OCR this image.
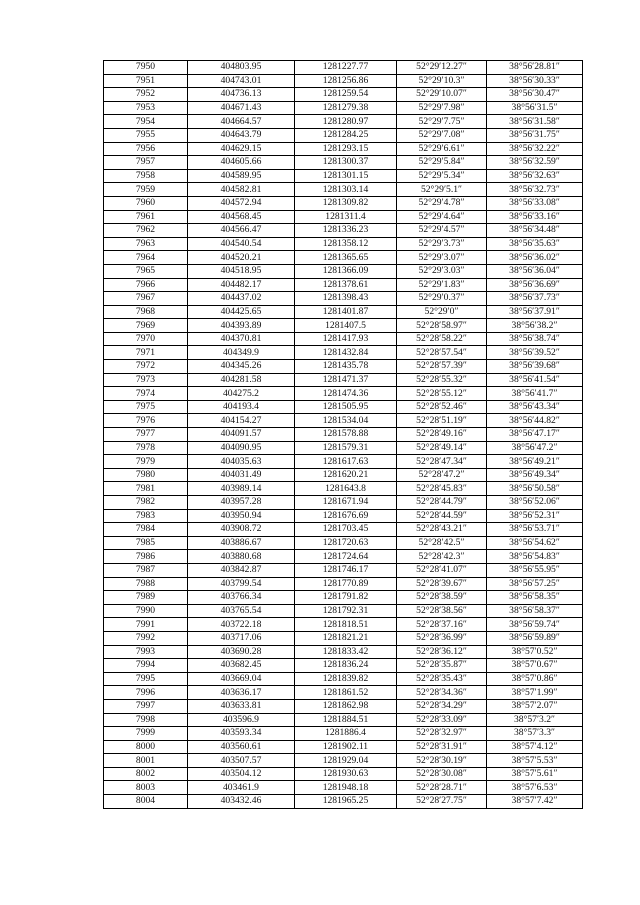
7950	404803.95	1281227.77	52°29′12.27″	38°56′28.81″
7951	404743.01	1281256.86	52°29′10.3″	38°56′30.33″
7952	404736.13	1281259.54	52°29′10.07″	38°56′30.47″
7953	404671.43	1281279.38	52°29′7.98″	38°56′31.5″
7954	404664.57	1281280.97	52°29′7.75″	38°56′31.58″
7955	404643.79	1281284.25	52°29′7.08″	38°56′31.75″
7956	404629.15	1281293.15	52°29′6.61″	38°56′32.22″
7957	404605.66	1281300.37	52°29′5.84″	38°56′32.59″
7958	404589.95	1281301.15	52°29′5.34″	38°56′32.63″
7959	404582.81	1281303.14	52°29′5.1″	38°56′32.73″
7960	404572.94	1281309.82	52°29′4.78″	38°56′33.08″
7961	404568.45	1281311.4	52°29′4.64″	38°56′33.16″
7962	404566.47	1281336.23	52°29′4.57″	38°56′34.48″
7963	404540.54	1281358.12	52°29′3.73″	38°56′35.63″
7964	404520.21	1281365.65	52°29′3.07″	38°56′36.02″
7965	404518.95	1281366.09	52°29′3.03″	38°56′36.04″
7966	404482.17	1281378.61	52°29′1.83″	38°56′36.69″
7967	404437.02	1281398.43	52°29′0.37″	38°56′37.73″
7968	404425.65	1281401.87	52°29′0″	38°56′37.91″
7969	404393.89	1281407.5	52°28′58.97″	38°56′38.2″
7970	404370.81	1281417.93	52°28′58.22″	38°56′38.74″
7971	404349.9	1281432.84	52°28′57.54″	38°56′39.52″
7972	404345.26	1281435.78	52°28′57.39″	38°56′39.68″
7973	404281.58	1281471.37	52°28′55.32″	38°56′41.54″
7974	404275.2	1281474.36	52°28′55.12″	38°56′41.7″
7975	404193.4	1281505.95	52°28′52.46″	38°56′43.34″
7976	404154.27	1281534.04	52°28′51.19″	38°56′44.82″
7977	404091.57	1281578.88	52°28′49.16″	38°56′47.17″
7978	404090.95	1281579.31	52°28′49.14″	38°56′47.2″
7979	404035.63	1281617.63	52°28′47.34″	38°56′49.21″
7980	404031.49	1281620.21	52°28′47.2″	38°56′49.34″
7981	403989.14	1281643.8	52°28′45.83″	38°56′50.58″
7982	403957.28	1281671.94	52°28′44.79″	38°56′52.06″
7983	403950.94	1281676.69	52°28′44.59″	38°56′52.31″
7984	403908.72	1281703.45	52°28′43.21″	38°56′53.71″
7985	403886.67	1281720.63	52°28′42.5″	38°56′54.62″
7986	403880.68	1281724.64	52°28′42.3″	38°56′54.83″
7987	403842.87	1281746.17	52°28′41.07″	38°56′55.95″
7988	403799.54	1281770.89	52°28′39.67″	38°56′57.25″
7989	403766.34	1281791.82	52°28′38.59″	38°56′58.35″
7990	403765.54	1281792.31	52°28′38.56″	38°56′58.37″
7991	403722.18	1281818.51	52°28′37.16″	38°56′59.74″
7992	403717.06	1281821.21	52°28′36.99″	38°56′59.89″
7993	403690.28	1281833.42	52°28′36.12″	38°57′0.52″
7994	403682.45	1281836.24	52°28′35.87″	38°57′0.67″
7995	403669.04	1281839.82	52°28′35.43″	38°57′0.86″
7996	403636.17	1281861.52	52°28′34.36″	38°57′1.99″
7997	403633.81	1281862.98	52°28′34.29″	38°57′2.07″
7998	403596.9	1281884.51	52°28′33.09″	38°57′3.2″
7999	403593.34	1281886.4	52°28′32.97″	38°57′3.3″
8000	403560.61	1281902.11	52°28′31.91″	38°57′4.12″
8001	403507.57	1281929.04	52°28′30.19″	38°57′5.53″
8002	403504.12	1281930.63	52°28′30.08″	38°57′5.61″
8003	403461.9	1281948.18	52°28′28.71″	38°57′6.53″
8004	403432.46	1281965.25	52°28′27.75″	38°57′7.42″
